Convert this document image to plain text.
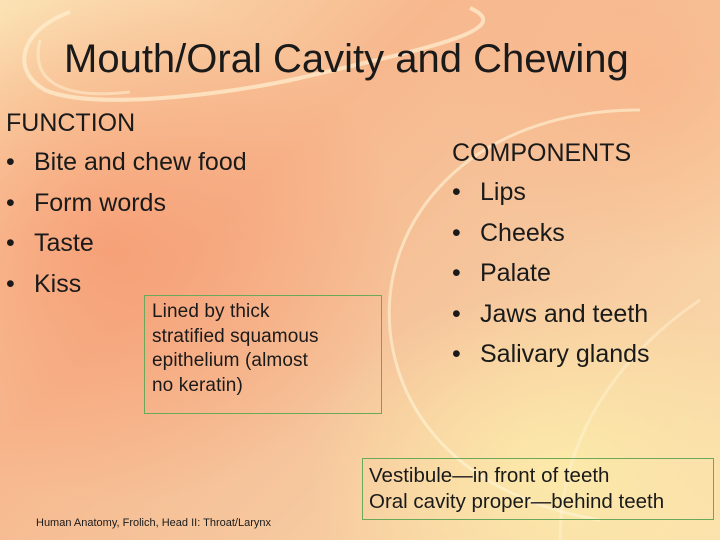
Mouth/Oral Cavity and Chewing
FUNCTION
• Bite and chew food
• Form words
• Taste
• Kiss
COMPONENTS
• Lips
• Cheeks
• Palate
• Jaws and teeth
• Salivary glands
Lined by thick
stratified squamous
epithelium (almost
no keratin)
Vestibule—in front of teeth
Oral cavity proper—behind teeth
Human Anatomy, Frolich, Head II: Throat/Larynx
